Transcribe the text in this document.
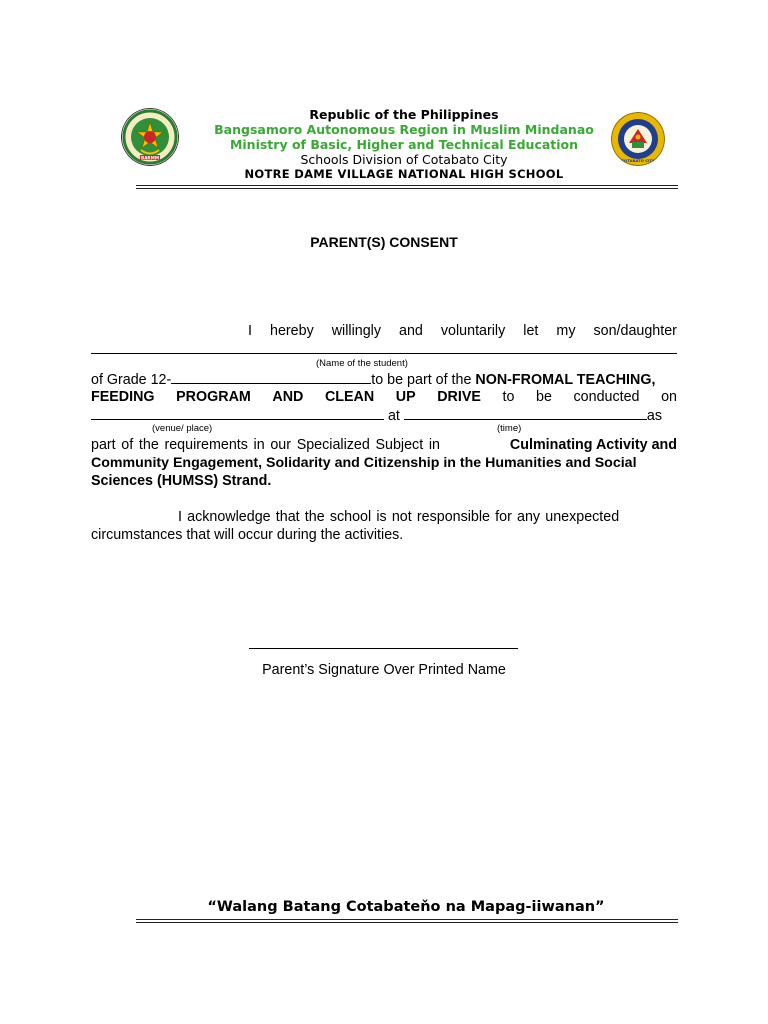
BARMM
COTABATO CITY
Republic of the Philippines
Bangsamoro Autonomous Region in Muslim Mindanao
Ministry of Basic, Higher and Technical Education
Schools Division of Cotabato City
NOTRE DAME VILLAGE NATIONAL HIGH SCHOOL
PARENT(S) CONSENT
I hereby willingly and voluntarily let my son/daughter
(Name of the student)
of Grade 12-	to be part of the NON-FROMAL TEACHING,
FEEDING PROGRAM AND CLEAN UP DRIVE to be conducted on
at	as
(venue/ place)	(time)
part of the requirements in our Specialized Subject in	Culminating Activity and
Community Engagement, Solidarity and Citizenship in the Humanities and Social
Sciences (HUMSS) Strand.
I acknowledge that the school is not responsible for any unexpected
circumstances that will occur during the activities.
Parent’s Signature Over Printed Name
“Walang Batang Cotabateňo na Mapag-iiwanan”
